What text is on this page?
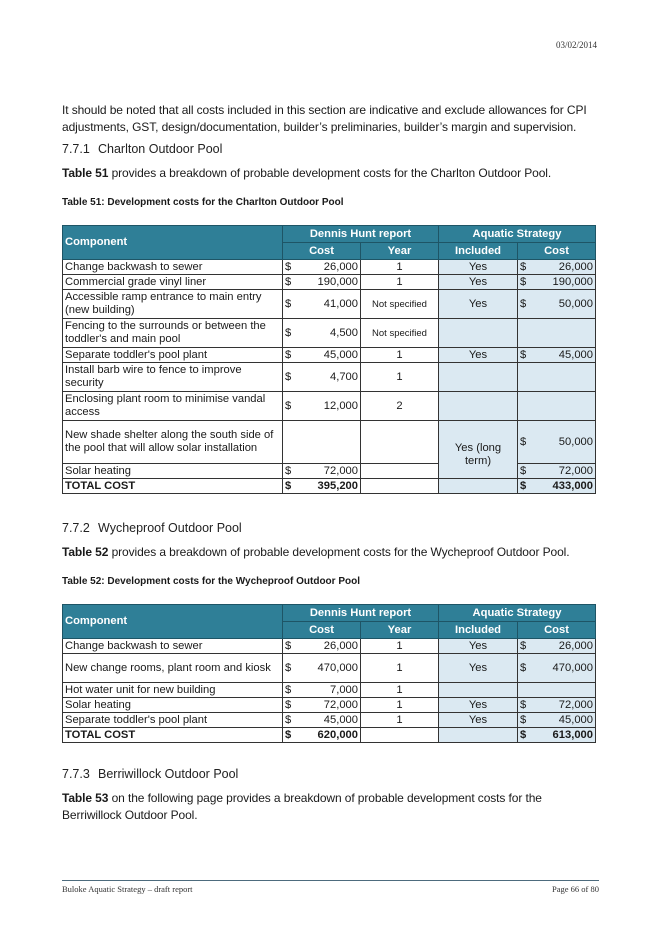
03/02/2014

It should be noted that all costs included in this section are indicative and exclude allowances for CPI adjustments, GST, design/documentation, builder’s preliminaries, builder’s margin and supervision.

7.7.1 Charlton Outdoor Pool

Table 51 provides a breakdown of probable development costs for the Charlton Outdoor Pool.

Table 51: Development costs for the Charlton Outdoor Pool

Component	Dennis Hunt report		Aquatic Strategy	
	Cost	Year	Included	Cost
Change backwash to sewer	$ 26,000	1	Yes	$ 26,000

Commercial grade vinyl liner	$ 190,000	1	Yes	$ 190,000

Accessible ramp entrance to main entry (new building)	$ 41,000	Not specified	Yes	$ 50,000

Fencing to the surrounds or between the toddler's and main pool	$ 4,500	Not specified		
Separate toddler's pool plant	$ 45,000	1	Yes	$ 45,000

Install barb wire to fence to improve security	$ 4,700	1		
Enclosing plant room to minimise vandal access	$ 12,000	2		
New shade shelter along the south side of the pool that will allow solar installation			Yes (long term)	$ 50,000

Solar heating	$ 72,000			$ 72,000

TOTAL COST	$ 395,200			$ 433,000
7.7.2 Wycheproof Outdoor Pool

Table 52 provides a breakdown of probable development costs for the Wycheproof Outdoor Pool.

Table 52: Development costs for the Wycheproof Outdoor Pool

Component	Dennis Hunt report		Aquatic Strategy	
	Cost	Year	Included	Cost
Change backwash to sewer	$ 26,000	1	Yes	$ 26,000

New change rooms, plant room and kiosk	$ 470,000	1	Yes	$ 470,000

Hot water unit for new building	$ 7,000	1		
Solar heating	$ 72,000	1	Yes	$ 72,000

Separate toddler's pool plant	$ 45,000	1	Yes	$ 45,000

TOTAL COST	$ 620,000			$ 613,000
7.7.3 Berriwillock Outdoor Pool

Table 53 on the following page provides a breakdown of probable development costs for the Berriwillock Outdoor Pool.

Buloke Aquatic Strategy – draft report	Page 66 of 80
